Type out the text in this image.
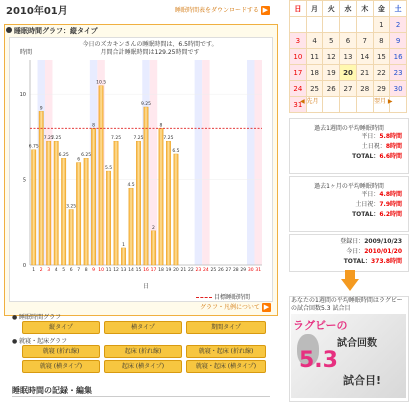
2010年01月	睡眠時間表をダウンロードする ▶
睡眠時間グラフ：縦タイプ
0
5
10
6.75
1
9
2
7.25
3
7.25
4
6.25
5
3.25
6
6
7
6.25
8
8
9
10.5
10
5.5
11
7.25
12
1
13
4.5
14
7.25
15
9.25
16
2
17
8
18
7.25
19
6.5
20 21 22 23 24 25 26 27 28 29 30 31
今日のズカキンさんの睡眠時間は、6.5時間です。
月間合計睡眠時間は129.25時間です
時間
日
目標睡眠時間
グラフ・凡例について ▶
● 睡眠時間グラフ
縦タイプ	横タイプ	期間タイプ
● 就寝・起床グラフ
就寝 (折れ線)	起床 (折れ線)	就寝・起床 (折れ線)
就寝 (横タイプ)	起床 (横タイプ)	就寝・起床 (横タイプ)
睡眠時間の記録・編集
日	月	火	水	木	金	土
					1	2
3	4	5	6	7	8	9
10	11	12	13	14	15	16
17	18	19	20	21	22	23
24	25	26	27	28	29	30
31						
◀ 先月	翌月 ▶
過去1週間の平均睡眠時間
平日：5.8時間
土日祝：8時間
TOTAL：6.6時間
過去1ヶ月の平均睡眠時間
平日：4.8時間
土日祝：7.9時間
TOTAL：6.2時間
登録日：2009/10/23
今日：2010/01/20
TOTAL：373.8時間
あなたの1週間の平均睡眠時間はラグビーの試合回数5.3 試合目
ラグビーの
試合回数
5.3
試合目!
